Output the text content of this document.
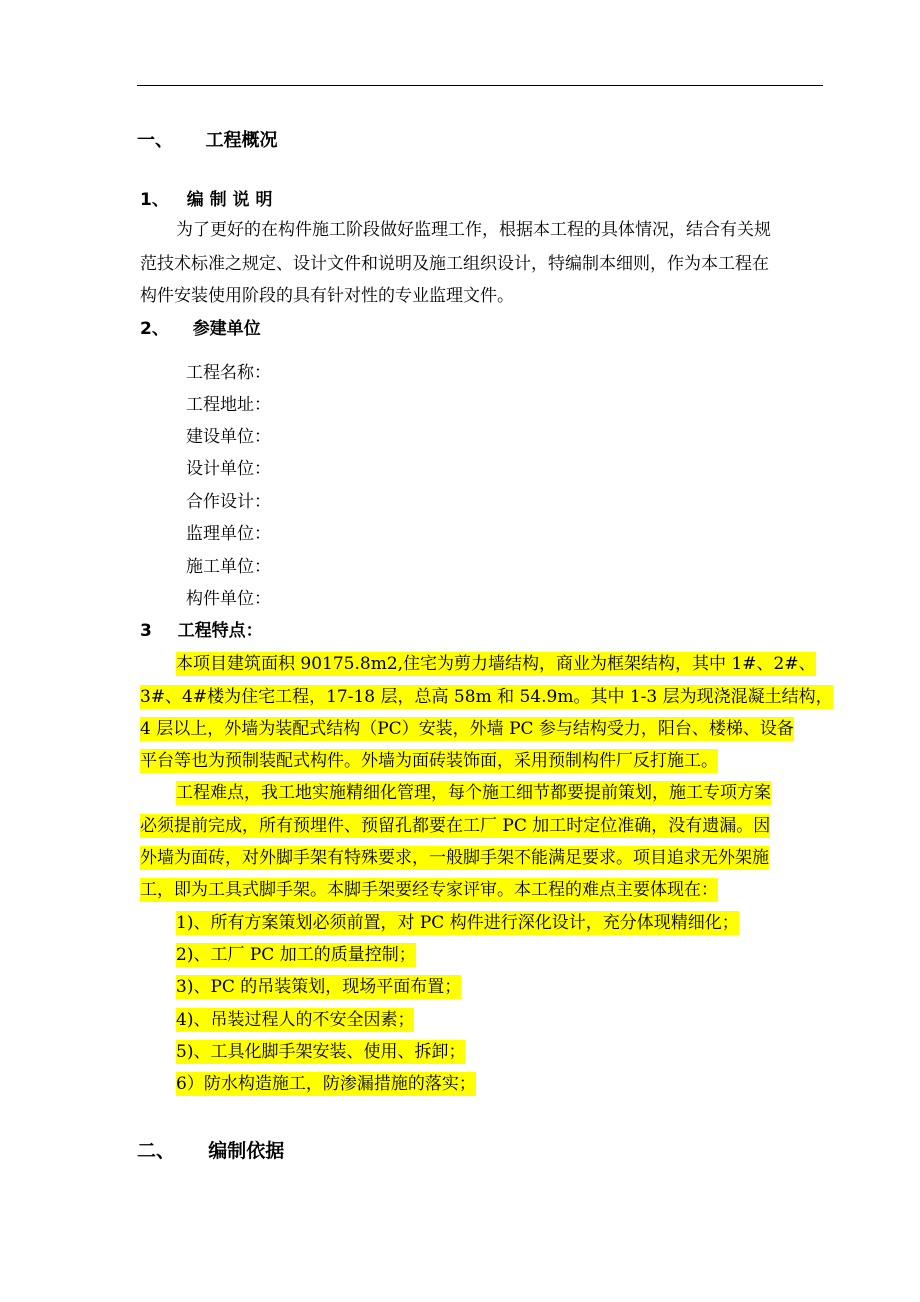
一、 工程概况
1、 编 制 说 明
为了更好的在构件施工阶段做好监理工作，根据本工程的具体情况，结合有关规
范技术标准之规定、设计文件和说明及施工组织设计，特编制本细则，作为本工程在
构件安装使用阶段的具有针对性的专业监理文件。
2、 参建单位
工程名称：
工程地址：
建设单位：
设计单位：
合作设计：
监理单位：
施工单位：
构件单位：
3 工程特点：
本项目建筑面积 90175.8m2,住宅为剪力墙结构，商业为框架结构，其中 1#、2#、
3#、4#楼为住宅工程，17-18 层，总高 58m 和 54.9m。其中 1-3 层为现浇混凝土结构，
4 层以上，外墙为装配式结构（PC）安装，外墙 PC 参与结构受力，阳台、楼梯、设备
平台等也为预制装配式构件。外墙为面砖装饰面，采用预制构件厂反打施工。
工程难点，我工地实施精细化管理，每个施工细节都要提前策划，施工专项方案
必须提前完成，所有预埋件、预留孔都要在工厂 PC 加工时定位准确，没有遗漏。因
外墙为面砖，对外脚手架有特殊要求，一般脚手架不能满足要求。项目追求无外架施
工，即为工具式脚手架。本脚手架要经专家评审。本工程的难点主要体现在：
1)、所有方案策划必须前置，对 PC 构件进行深化设计，充分体现精细化；
2)、工厂 PC 加工的质量控制；
3)、PC 的吊装策划，现场平面布置；
4)、吊装过程人的不安全因素；
5)、工具化脚手架安装、使用、拆卸；
6）防水构造施工，防渗漏措施的落实；
二、 编制依据
